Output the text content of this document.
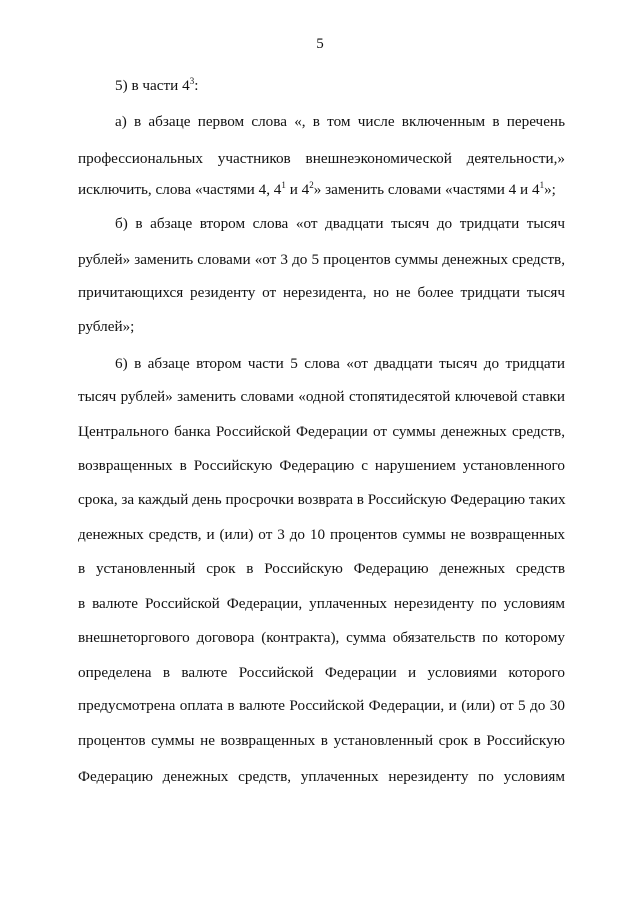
5
5) в части $4^3$:
а) в абзаце первом слова «, в том числе включенным в перечень
профессиональных участников внешнеэкономической деятельности,»
исключить, слова «частями 4, $4^1$ и $4^2$» заменить словами «частями 4 и $4^1$»;
б) в абзаце втором слова «от двадцати тысяч до тридцати тысяч
рублей» заменить словами «от 3 до 5 процентов суммы денежных средств,
причитающихся резиденту от нерезидента, но не более тридцати тысяч
рублей»;
6) в абзаце втором части 5 слова «от двадцати тысяч до тридцати
тысяч рублей» заменить словами «одной стопятидесятой ключевой ставки
Центрального банка Российской Федерации от суммы денежных средств,
возвращенных в Российскую Федерацию с нарушением установленного
срока, за каждый день просрочки возврата в Российскую Федерацию таких
денежных средств, и (или) от 3 до 10 процентов суммы не возвращенных
в установленный срок в Российскую Федерацию денежных средств
в валюте Российской Федерации, уплаченных нерезиденту по условиям
внешнеторгового договора (контракта), сумма обязательств по которому
определена в валюте Российской Федерации и условиями которого
предусмотрена оплата в валюте Российской Федерации, и (или) от 5 до 30
процентов суммы не возвращенных в установленный срок в Российскую
Федерацию денежных средств, уплаченных нерезиденту по условиям
